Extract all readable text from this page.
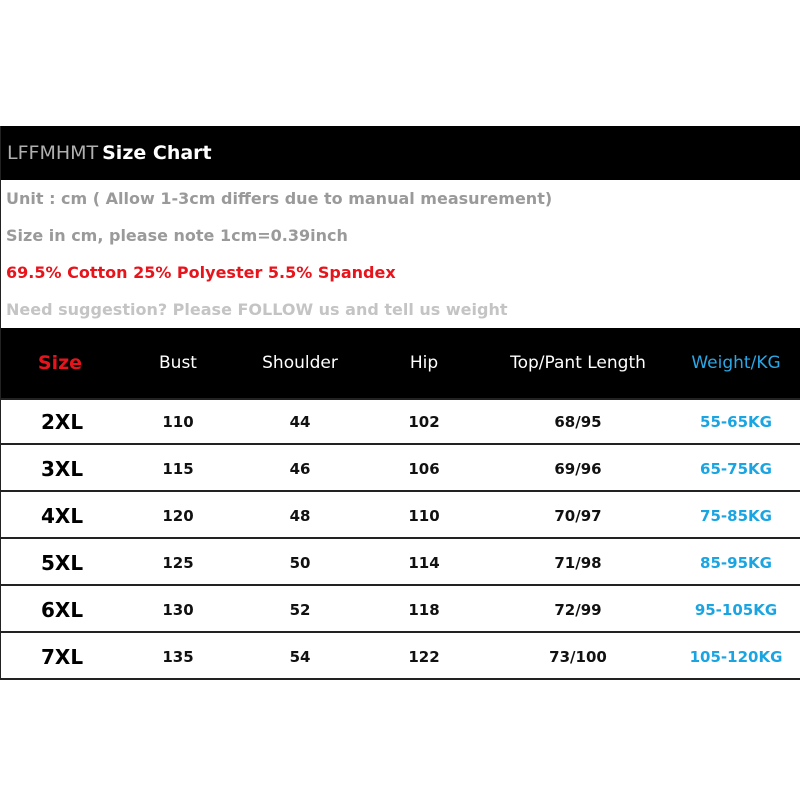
LFFMHMT Size Chart
Unit : cm ( Allow 1-3cm differs due to manual measurement)
Size in cm, please note 1cm=0.39inch
69.5% Cotton 25% Polyester 5.5% Spandex
Need suggestion? Please FOLLOW us and tell us weight
Size	Bust	Shoulder	Hip	Top/Pant Length	Weight/KG
2XL	110	44	102	68/95	55-65KG
3XL	115	46	106	69/96	65-75KG
4XL	120	48	110	70/97	75-85KG
5XL	125	50	114	71/98	85-95KG
6XL	130	52	118	72/99	95-105KG
7XL	135	54	122	73/100	105-120KG
